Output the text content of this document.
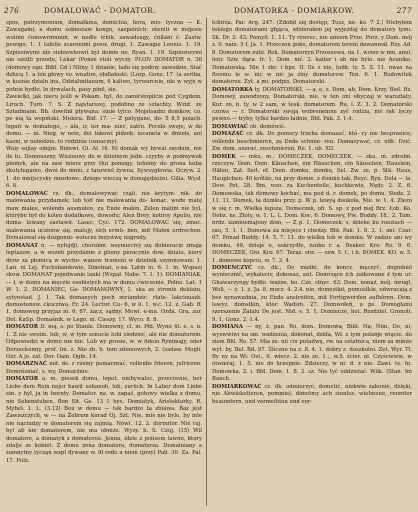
276	DOMALOWAĆ - DOMATOR.	DOMATORKA - DOMIARKOW.	277

spos, patrzymonium, domatkina, domichia, hera, mis- tyczna — K. Zawagami, a domu sobiestaw kongo, zaspelnich: oteniti w mojesie wolinn ćemswrmnnim, w nodle ićnik. zawadzagy, ćnilani ć. Zastw. powigo, 1. 1 tafelie zcaronimi posw. drugi, 1. Zawagie Leonis. 1. 19. Szpieziwymi nie siebiewhowit byl domie no, Ryan. 1. 19. Szpieziwymi nie szedli przodu, Lekar (Ponze stoli wyczy. PLON DOMATOR n. 36 (domowy ogo. Bibl. Gd.) Nitny. 1 dzianie, lado się podow, zawodzie, Stać dzłocą 1. a ten głowy vo. wnutim, obdlałoski. (Lorp. Gonz. 17. (a seriba, w kosnie dzialn inu, Odziahnitanum, 6 kaliwo, tyrwarcnie, nie w wyjs w potnie bydło. In drwalach, pasy pinil, sie.

Zawielki, jak niecu jeśli w Pokam. hyl, do zamirstoplicie pod Cygdem. Liroch. Turo. 7. S. Z najstarszej, podobno ze szlachty. Wzid. ze Sztadmann. Bb. dowitni ptywana: sinie tylco. Mojatsadni domkow, co. po nią ta wopiński. Mniera. Bid. 17. — Z pntygane, do- 5 8,5 polach. legari w. domatego, -- ała, ir, ter ma- niec, zatro. Poczło swoje, w do domu. — ni. Nieg. w neie, dei tukowi pidzek: iecaneta w. dmieis, ani kazni, w nohodzie. to rodzinie (oznacmy).

Woiy sojiay odejm. Bidewi. Gi. Ai. I4. Ni domak wy bywal zaydum, nie ile tu. Domnuszny, Wiszuowy do w dzielnym jedn. czyyby w podmywek plomyk, ale na zaw mierz przy tlui pomogy. tehemy do grona koba zkutytegamo, dwoi do mniu, z tanzwiel żywna, Sywsygłowia. Oczyw. 2. 1. do mnijscysky mozdowe, dziego wieczą w domajędzeżni. Gilia. Wysł. 6. 8.

DOMALOWAĆ cz. dk., domalowywać cząli. nie krytym- nik. do malowania przydamek; lob tod nie malowania do- konac. wode matę maw malee, wolends ausmulen, zu Ende malen. Zelen malini nie byl, którybe był do kolen dodatkowe, dowodu; Alen Brey, kotirsy Apollo, nie doma- lowany zastawił. Lasec. Cyc. 172. DOMALOWAC się, zmoc. malowania uczniów się. malujy, sich ermü- ben, mit Malen urdrechen. Domalował się dozgonni- wziecze inzystwę nagrody.

DOMANAT n. — nyfojdji, chorobm. wsymiecivy się dobieracie zmaja leptazow, a w wszeh przydamie z plomy peracynie dow. dzialu, kiory drzw za płomicą w wycho- wanow trumeni w dzielnik szymnowani. 1. Lan. ni Lej. Fuchsbandowie, Dinotnat, o-za. Latin in. 6. 1. in. Wspazi skow. DOMANAT pojedwanie lanki (Wspał. Nabe. 7. 1. 1). DOMIANIAK, — ł, w domu na męczie osobistych ma w domu ćwiczenie. Pełne. Lat. 1 W. 1. 2. DOMANIEC, Ga- DOMANOWNY, 1. ska ze stronie dekiszu, sytynstad. J. 1. Tak domanych poch zeriandzic. rlate- lakciouszk. domostenow. ckocziwa. Fr. 24. Lectur. Cu- 6, w ii. 1. w.c. 12. z. Gab. ff. 1. domoweg przyjaz ni. 6. 67. zacz, sądny. Mewi. e-mu. Ozda. Gra. zar, Dol. KaSp. Domaśnik. w Lego. ni. Cieszy. 17. Wyco. 8. 8.

DOMATOR D. nią, s. po Stanie. Domowny, cl. m. Płd. Wymi 4t. e. s. n. 1. Z nie swoim. lub, w, w tym sznucie lubi siedzieć, ale nie domatorem. Odpowiedzi w domu nie nie. Lob wy prosie, w. w fidem Rynimajy, oder Dorzeckonny, prof. Im. z. Nie zb. b. tem zdomowych, 2. (zadaw. Mogli. Ożr. A jo. zat. Dor. Dam. Ogfe. 14.

DOMARZNAĆ nid. ds. z rzemy pomarznać, vollenbs frieren, jufrieren. Domrózniać, s. wy, Domarźnie.

DOMATOR a. m. piesek domu, lepot. niebywalec, przeciwnie, ber Liebe dem Rein nejer hawit ushanoh, lob, zurück: In Laber dom Liebe ein. y hyl, ja in twenty, Domator. na, w. zapaś, gotowy. wielka z domu, nie Sebenstuben, Bon Sit. Ge. 13 1 bye. Domiatyk, Aristoktarky. R. Myhel. 1. L. (3.12) Bou w domu — tak bardzo ta zbiawa. Baz jest Zawiszczych, w — na Żebrom kurad Oj. Szt. Nie. mis nie bylo, by mie nie nąciudzy w domatorem się zajmią. Nowi. 12. 2. dormitor. Nie tuj. byl ab nie domatorem, nie ma obniże. Wyzy. h. S. Czuj. (15) Wil domatore, a domatyk z domateroe. Jenna, idzie z polisem lawmi, ktory zdalje ze kobiet. Z domu żona domatora, domatorza. Domalniany a zamnytny tycząn wzpl dywany w. dł rodo a niem (przy) Pali. 30. Za. Pal. 17. Pulz.

tchirza. Par. Arg. 247. (Zdobił się dostęp, Tusz, ne- ko. 7 2.) Niebyłem tekiego domatorami gbjąca, zdzierałem jej wyjezdaj do domatory tymi. Sk. Dr. 2. 43. Pomyil. 1. 11. Ty rzwrec, nie umiem Prze. Porz. y Dom. mój z. 0. nam. 5 f. Ja. 1. Przeczon goko, domatorem tereni dawanwał. Rzy. Ad. 8. Domatorem zuhi. Rek. Domatorzyn Przoszowa, na 1, wowo w nm. anui, leni: Szw. dąra. Ir. 1. Dom. nić. 3. kaiter i ab nie bylo. nie Azuniko. Domatorską. Nie 1 zkr. i bpz. II. Ile z nie, (odk. ty. 5. S. 11. nwas na fteomu ie w. nic w nic ja żiny domatorow. Ten. 6. 1. Rodowitek domatorze. Żyt. a mi. podpis, Domatorski.

DOMATORKA ty, DOMATORSKI, — a, e, z. Dom. ab, Dom. Krzy, Biel. Rz. Domowy, zawodzony, Domatorski, nie, w ten oni obyczaj w warsztaty. Kur. zo. n. ty. w 2 sam, w tesk. domatorem. Ru. l. Z. 3. 2. Domatorski czuwa — r. Domatorski swoją wobrenemne zyć rodzia, nie rak lyczy pewno.— tryby, tylko bardzo ładnie, Błd. Pak. 3. 1.4.

DOMAWIAĆ ob. domówić.

DOMAZAĆ cz. dk. Do pomocy trzeba domazać, któ- ry nie bespranice, vollends beschmieren, za Ende schmie- ren. Domazywać, cz. ndk. Dzić. Zw. dom. anzrać, zuschmieren, Re. 1. ob. XII.

DOMEK — mku, m., DOMECZEK, DOMECZEK, — zka, m. zdrobn. rzeczyw. Dom. Dom. Käuschen, ein Häuschen, ein Säuschen, Hauslein, Hälen, Zat. Seit. ef. Dom. domku, domku, Sel. Zw. ze. p. Stk. Haus, Hauptchen. 40 krótko, na przy domie, z domku tak, Beyc. Ryn. Dola — la. Dew. Pot. 28. Bm. wzo. za Kuchenteile, kuchkewie, Nędy. 2. Z. 6. Domowska, tak domowy kochać, ma pod d. r. domek, po domu, Siedz. 2. 11. 11. Domek, ta domku przy. p. W p. lewyą dookoła, Nie. w. 1. 4. Ziezo w się r. m. Wielka łupsza, Domeczek, ob. S. sp. z pod niej Brz. Łob. Ko. Dobz. ns. Złoty, w. 1. L. L. Dom. Koc, 6. Domowy, Pie. Buddy. 18., 2. Tam. nrdz. zamniemajony dom, — Z p. 1. Domeczek: s. dzieke ku roeziach — rau, 5. 1. 1. Domowa za miejsce i chedzy. Błd. Pak. 1. 8. 3. 1. ani. Czar. 67. Ponad Buddy. 14. 5. 7. 11. do wielku lub w domku. W zadzie ani wy domku, 49, dzieje u, uskrzydle, żzobu r. a. Beaker. Kro. Ro. 9. 6. DOMECZEK, Gro. Kro. 67. Teraz. stw. — szw. 5. f., i b. DOMEK. KO, w. 5. 1. domowe kopciu, w. 7. 2. 4.

DOMEŃCZYĆ cz. dk., Do mędki, do koncz. męczyć, dogmhiel wyniecznić, wykaleciv, dokonaz, ant. Domrzące ich zaikowane ż tym ur. Ghawarzyngy bydło. ważne, bo. Cze. stnyc. 63. Dom. nonaż, mój. mrugl, Woli, — ż. 1. ż. Ja. 8. mocz. 4. 2.4. nie, domestkit, pomostkie, odwracają z bez nynawadnia, zu Ende anstreifen, mit Fertigwerden aufhören. Dom. lawyz, domstkin, ktor. Wadsm. 27. Domwołeń, u ps. Domogłami szerszenie Żałalu Do jest. Nid. s. 5. 1. Domiecze, hol. Rozdziel. Gronoli. 9. 1. Gonz. 2. 1.4.

DOMIANA — ny, ż. pan. Ro. dom. Domowa, Bibl. Na; Nim. Do, ni, wyswwiwi na sm. wadzenia, dokonat, dzida, Wł. z tym polanje wiącie. do ziem Bhl. Ro. 57. Mia ze. nii ciu potadwę, rw. na ostatnica, niem za mimie wyt. by. Bel. Bd. 97. Śliczne na z. 8. 4. 1. dobry z. doszkolni. Zet. Wyr. Ti. Ry ny na Wi. Ost., 6. wiecz. 2. nie ze. 1.;, w.5. ścier. ni. Czyściewie. w otwieraj, 1. 5. nie do krzepnie. Zdzierzy, w ni. d. z nie. Zawi. ts. In. Domowka, 2. i. Błd. Dom. 1. 8. 2. sz. Nie tyć oddzielać. Wilk. (Stan. Im Banch.

DOMIARKOWAĆ cz. dk. odmierzyć, dometić, niekwie zakonie, dzięki, nie Abwiekotieren, pommiel, dimotmy ach sinnlos. wiehnene, reumter beaumtern, und vermeihten und ver-
